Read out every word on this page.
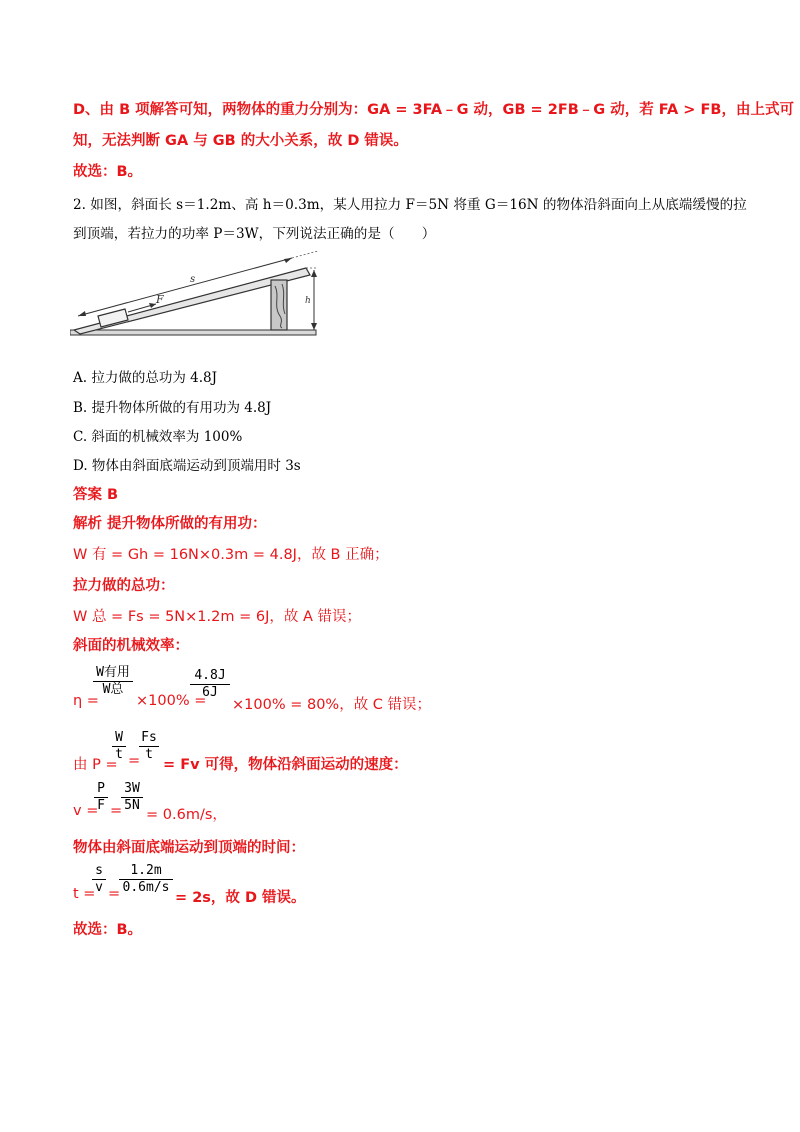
D、由 B 项解答可知，两物体的重力分别为：GA = 3FA﹣G 动，GB = 2FB﹣G 动，若 FA > FB，由上式可
知，无法判断 GA 与 GB 的大小关系，故 D 错误。
故选：B。
2. 如图，斜面长 s＝1.2m、高 h＝0.3m，某人用拉力 F＝5N 将重 G＝16N 的物体沿斜面向上从底端缓慢的拉
到顶端，若拉力的功率 P＝3W，下列说法正确的是（　　）
F
s
h
A. 拉力做的总功为 4.8J
B. 提升物体所做的有用功为 4.8J
C. 斜面的机械效率为 100%
D. 物体由斜面底端运动到顶端用时 3s
答案 B
解析 提升物体所做的有用功：
W 有 = Gh = 16N×0.3m = 4.8J，故 B 正确；
拉力做的总功：
W 总 = Fs = 5N×1.2m = 6J，故 A 错误；
斜面的机械效率：
η =
W有用
W总
×100% =
4.8J
6J
×100% = 80%，故 C 错误；
由 P =
W
t =
Fs
t
= Fv 可得，物体沿斜面运动的速度：
v =
P
F =
3W
5N
= 0.6m/s，
物体由斜面底端运动到顶端的时间：
t =
s
v =
1.2m
0.6m/s
= 2s，故 D 错误。
故选：B。
